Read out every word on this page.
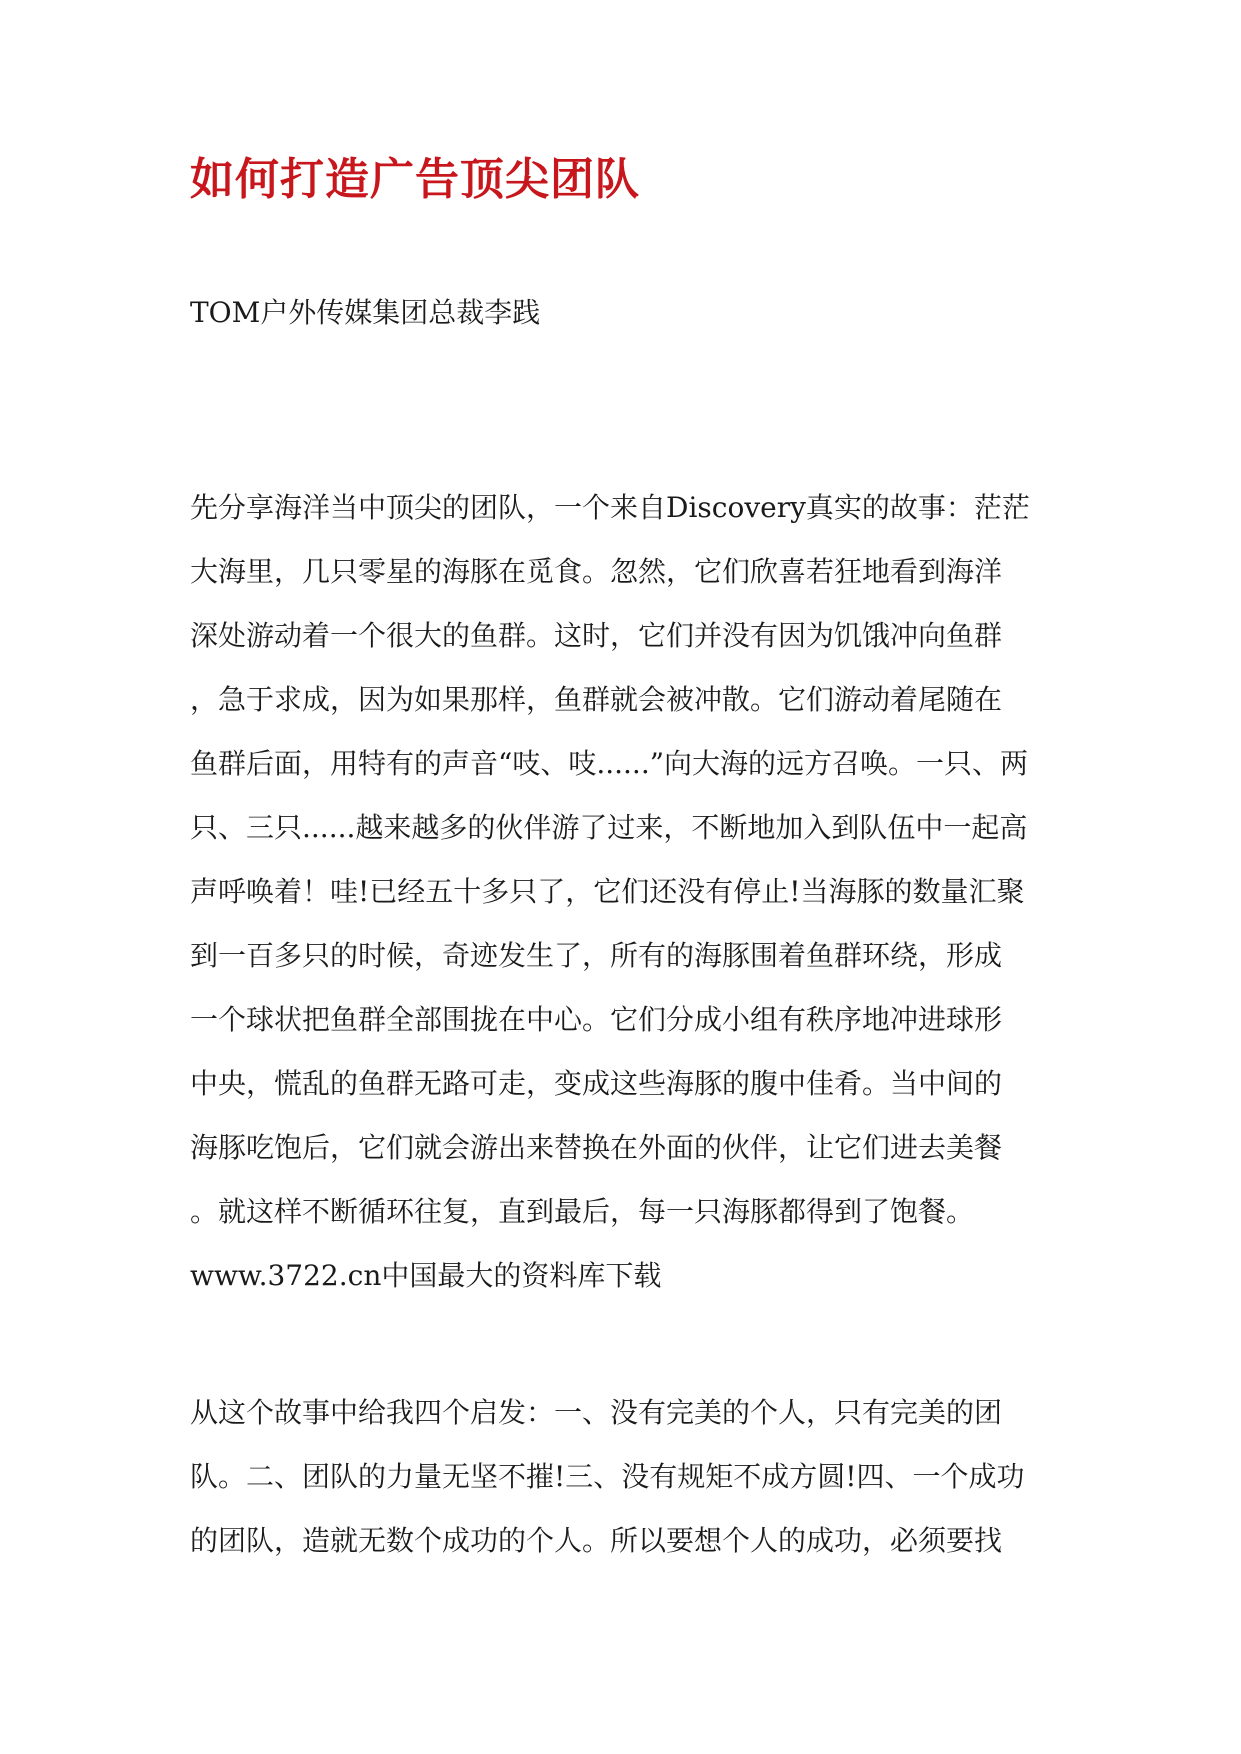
如何打造广告顶尖团队

TOM户外传媒集团总裁李践

先分享海洋当中顶尖的团队，一个来自Discovery真实的故事：茫茫

大海里，几只零星的海豚在觅食。忽然，它们欣喜若狂地看到海洋

深处游动着一个很大的鱼群。这时，它们并没有因为饥饿冲向鱼群

，急于求成，因为如果那样，鱼群就会被冲散。它们游动着尾随在

鱼群后面，用特有的声音“吱、吱......”向大海的远方召唤。一只、两

只、三只......越来越多的伙伴游了过来，不断地加入到队伍中一起高

声呼唤着！哇!已经五十多只了，它们还没有停止!当海豚的数量汇聚

到一百多只的时候，奇迹发生了，所有的海豚围着鱼群环绕，形成

一个球状把鱼群全部围拢在中心。它们分成小组有秩序地冲进球形

中央，慌乱的鱼群无路可走，变成这些海豚的腹中佳肴。当中间的

海豚吃饱后，它们就会游出来替换在外面的伙伴，让它们进去美餐

。就这样不断循环往复，直到最后，每一只海豚都得到了饱餐。

www.3722.cn中国最大的资料库下载

从这个故事中给我四个启发：一、没有完美的个人，只有完美的团

队。二、团队的力量无坚不摧!三、没有规矩不成方圆!四、一个成功

的团队，造就无数个成功的个人。所以要想个人的成功，必须要找
